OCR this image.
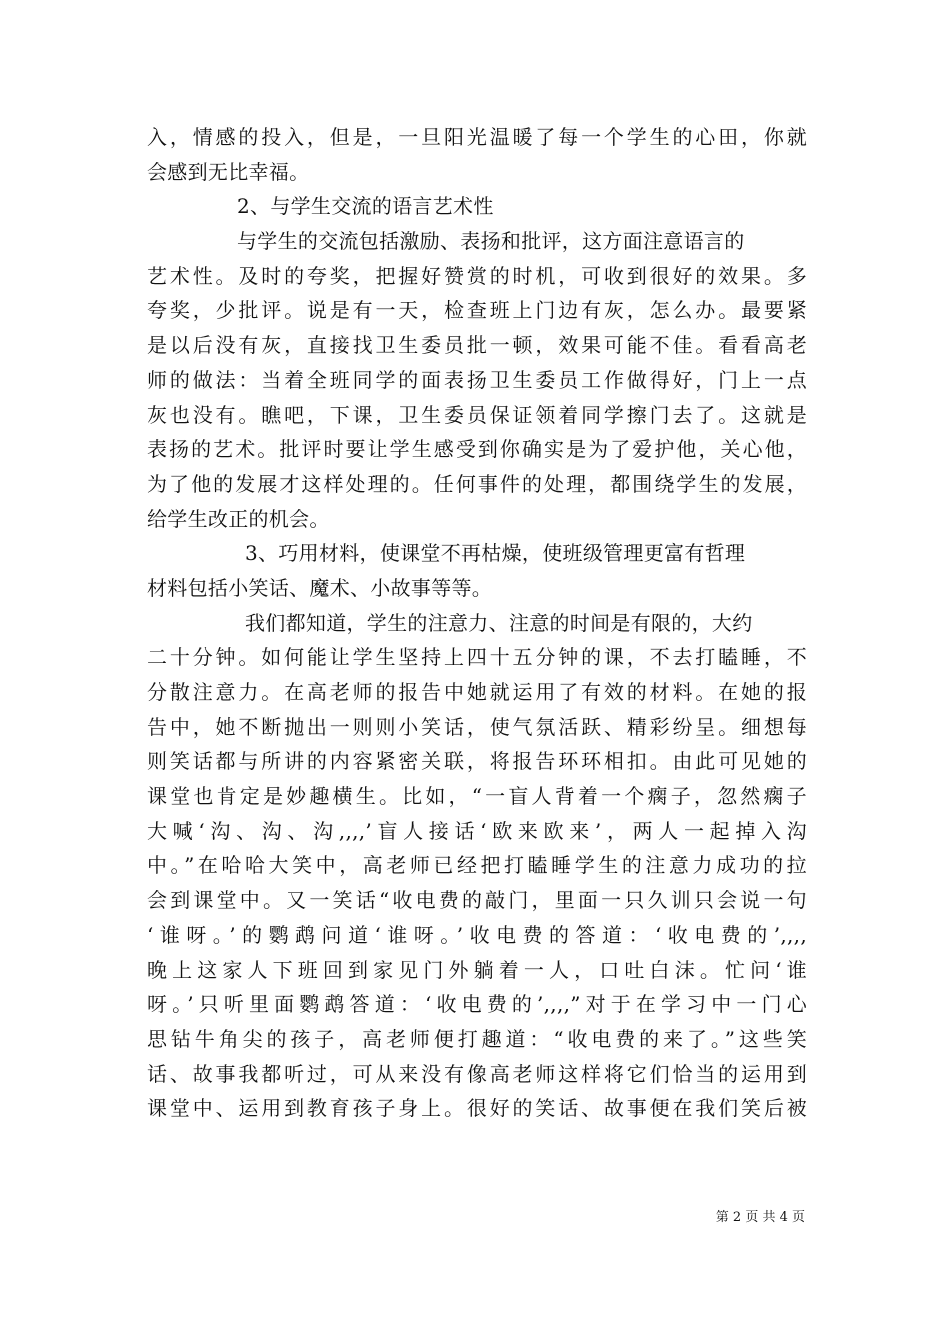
入，情感的投入，但是，一旦阳光温暖了每一个学生的心田，你就
会感到无比幸福。
2、与学生交流的语言艺术性
与学生的交流包括激励、表扬和批评，这方面注意语言的
艺术性。及时的夸奖，把握好赞赏的时机，可收到很好的效果。多
夸奖，少批评。说是有一天，检查班上门边有灰，怎么办。最要紧
是以后没有灰，直接找卫生委员批一顿，效果可能不佳。看看高老
师的做法：当着全班同学的面表扬卫生委员工作做得好，门上一点
灰也没有。瞧吧，下课，卫生委员保证领着同学擦门去了。这就是
表扬的艺术。批评时要让学生感受到你确实是为了爱护他，关心他，
为了他的发展才这样处理的。任何事件的处理，都围绕学生的发展，
给学生改正的机会。
3、巧用材料，使课堂不再枯燥，使班级管理更富有哲理
材料包括小笑话、魔术、小故事等等。
我们都知道，学生的注意力、注意的时间是有限的，大约
二十分钟。如何能让学生坚持上四十五分钟的课，不去打瞌睡，不
分散注意力。在高老师的报告中她就运用了有效的材料。在她的报
告中，她不断抛出一则则小笑话，使气氛活跃、精彩纷呈。细想每
则笑话都与所讲的内容紧密关联，将报告环环相扣。由此可见她的
课堂也肯定是妙趣横生。比如，“一盲人背着一个瘸子，忽然瘸子
大喊‘沟、沟、沟,,,,’盲人接话‘欧来欧来’，两人一起掉入沟
中。”在哈哈大笑中，高老师已经把打瞌睡学生的注意力成功的拉
会到课堂中。又一笑话“收电费的敲门，里面一只久训只会说一句
‘谁呀。’的鹦鹉问道‘谁呀。’收电费的答道：‘收电费的’,,,,
晚上这家人下班回到家见门外躺着一人，口吐白沫。忙问‘谁
呀。’只听里面鹦鹉答道：‘收电费的’,,,,”对于在学习中一门心
思钻牛角尖的孩子，高老师便打趣道：“收电费的来了。”这些笑
话、故事我都听过，可从来没有像高老师这样将它们恰当的运用到
课堂中、运用到教育孩子身上。很好的笑话、故事便在我们笑后被
第 2 页 共 4 页
